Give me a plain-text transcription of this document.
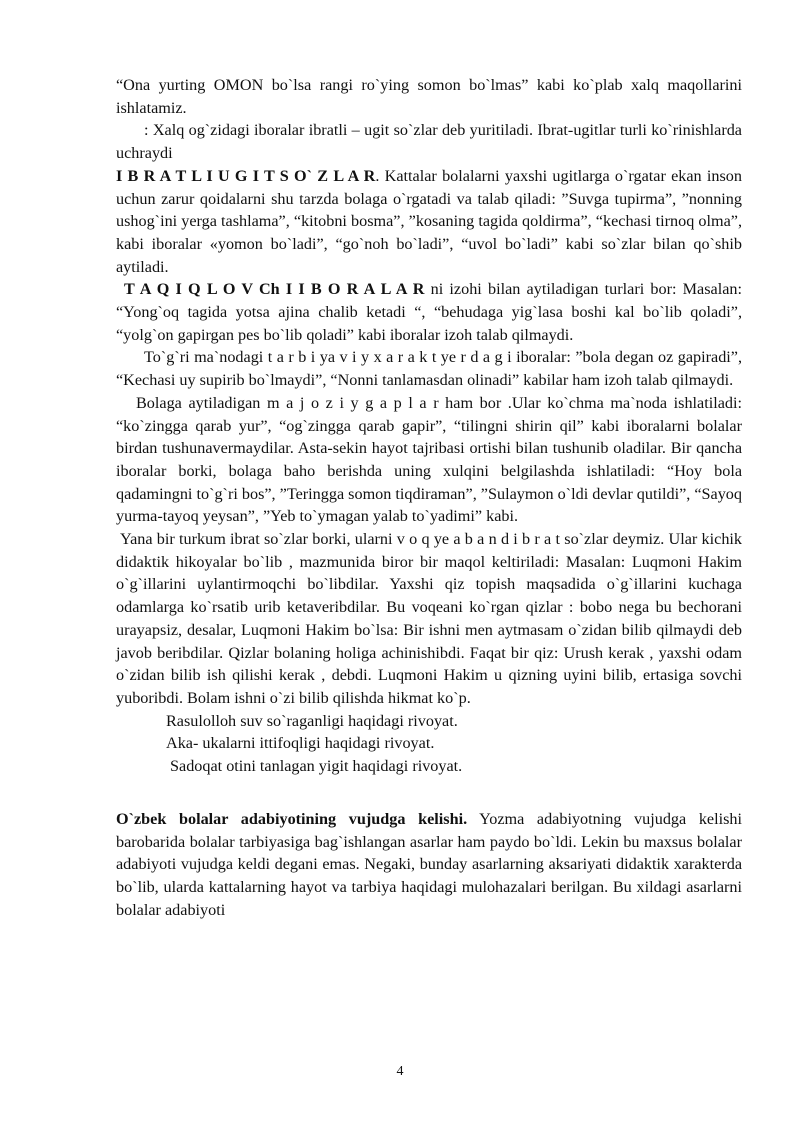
“Ona yurting OMON bo`lsa rangi ro`ying somon bo`lmas” kabi ko`plab xalq maqollarini ishlatamiz.

: Xalq og`zidagi iboralar ibratli – ugit so`zlar deb yuritiladi. Ibrat-ugitlar turli ko`rinishlarda uchraydi

I B R A T L I U G I T S O` Z L A R. Kattalar bolalarni yaxshi ugitlarga o`rgatar ekan inson uchun zarur qoidalarni shu tarzda bolaga o`rgatadi va talab qiladi: ”Suvga tupirma”, ”nonning ushog`ini yerga tashlama”, “kitobni bosma”, ”kosaning tagida qoldirma”, “kechasi tirnoq olma”, kabi iboralar «yomon bo`ladi”, “go`noh bo`ladi”, “uvol bo`ladi” kabi so`zlar bilan qo`shib aytiladi.

T A Q I Q L O V Ch I I B O R A L A R ni izohi bilan aytiladigan turlari bor: Masalan: “Yong`oq tagida yotsa ajina chalib ketadi “, “behudaga yig`lasa boshi kal bo`lib qoladi”, “yolg`on gapirgan pes bo`lib qoladi” kabi iboralar izoh talab qilmaydi.

To`g`ri ma`nodagi t a r b i ya v i y x a r a k t ye r d a g i iboralar: ”bola degan oz gapiradi”, “Kechasi uy supirib bo`lmaydi”, “Nonni tanlamasdan olinadi” kabilar ham izoh talab qilmaydi.

Bolaga aytiladigan m a j o z i y g a p l a r ham bor .Ular ko`chma ma`noda ishlatiladi: “ko`zingga qarab yur”, “og`zingga qarab gapir”, “tilingni shirin qil” kabi iboralarni bolalar birdan tushunavermaydilar. Asta-sekin hayot tajribasi ortishi bilan tushunib oladilar. Bir qancha iboralar borki, bolaga baho berishda uning xulqini belgilashda ishlatiladi: “Hoy bola qadamingni to`g`ri bos”, ”Teringga somon tiqdiraman”, ”Sulaymon o`ldi devlar qutildi”, “Sayoq yurma-tayoq yeysan”, ”Yeb to`ymagan yalab to`yadimi” kabi.

Yana bir turkum ibrat so`zlar borki, ularni v o q ye a b a n d i b r a t so`zlar deymiz. Ular kichik didaktik hikoyalar bo`lib , mazmunida biror bir maqol keltiriladi: Masalan: Luqmoni Hakim o`g`illarini uylantirmoqchi bo`libdilar. Yaxshi qiz topish maqsadida o`g`illarini kuchaga odamlarga ko`rsatib urib ketaveribdilar. Bu voqeani ko`rgan qizlar : bobo nega bu bechorani urayapsiz, desalar, Luqmoni Hakim bo`lsa: Bir ishni men aytmasam o`zidan bilib qilmaydi deb javob beribdilar. Qizlar bolaning holiga achinishibdi. Faqat bir qiz: Urush kerak , yaxshi odam o`zidan bilib ish qilishi kerak , debdi. Luqmoni Hakim u qizning uyini bilib, ertasiga sovchi yuboribdi. Bolam ishni o`zi bilib qilishda hikmat ko`p.

Rasulolloh suv so`raganligi haqidagi rivoyat.

Aka- ukalarni ittifoqligi haqidagi rivoyat.

Sadoqat otini tanlagan yigit haqidagi rivoyat.

O`zbek bolalar adabiyotining vujudga kelishi. Yozma adabiyotning vujudga kelishi barobarida bolalar tarbiyasiga bag`ishlangan asarlar ham paydo bo`ldi. Lekin bu maxsus bolalar adabiyoti vujudga keldi degani emas. Negaki, bunday asarlarning aksariyati didaktik xarakterda bo`lib, ularda kattalarning hayot va tarbiya haqidagi mulohazalari berilgan. Bu xildagi asarlarni bolalar adabiyoti

4
